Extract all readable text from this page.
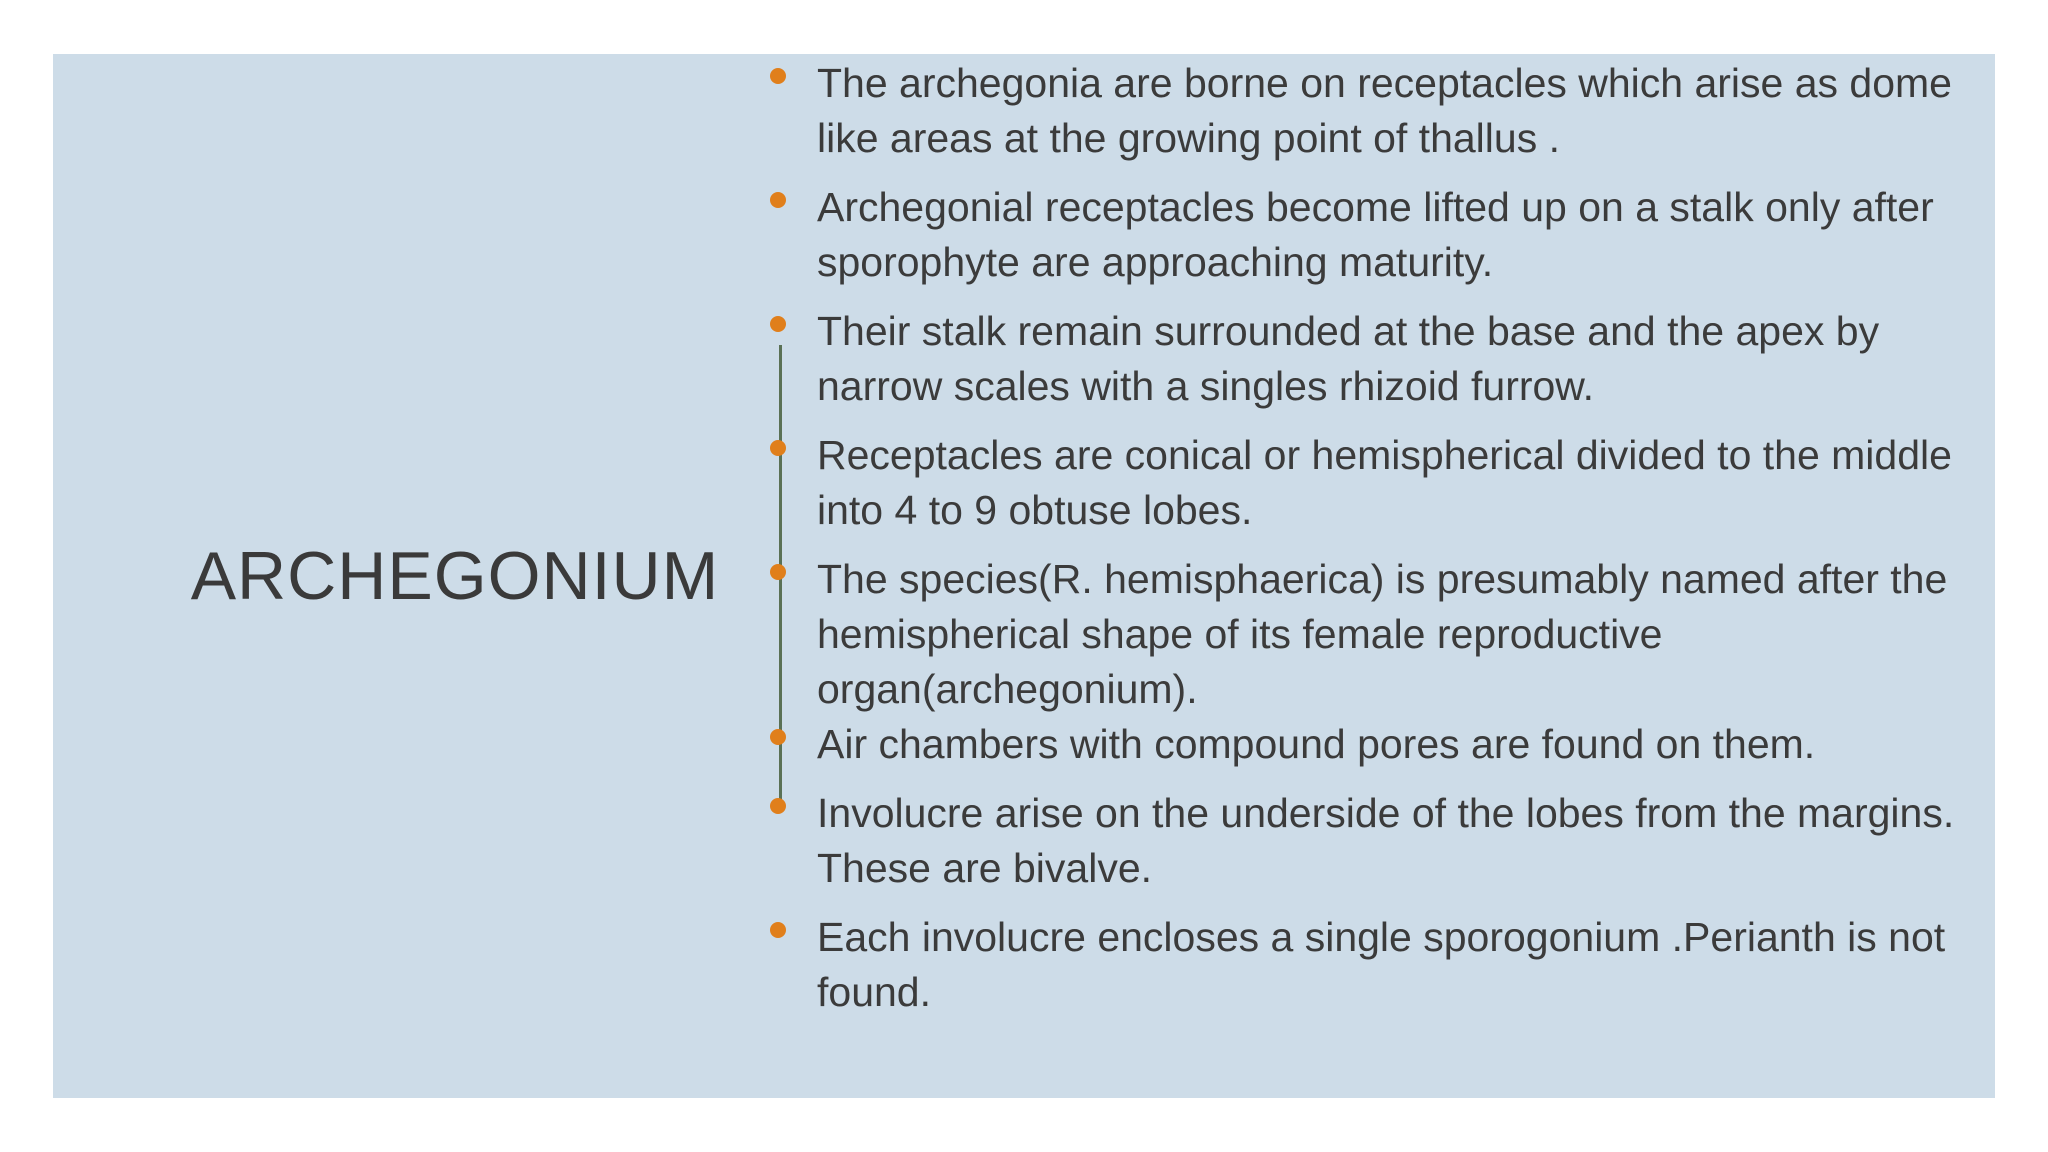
ARCHEGONIUM
The archegonia are borne on receptacles which arise as dome like areas at the growing point of thallus .
Archegonial receptacles become lifted up on a stalk only after sporophyte are approaching maturity.
Their stalk remain surrounded at the base and the apex by narrow scales with a singles rhizoid furrow.
Receptacles are conical or hemispherical divided to the middle into 4 to 9 obtuse lobes.
The species(R. hemisphaerica) is presumably named after the hemispherical shape of its female reproductive organ(archegonium).
Air chambers with compound pores are found on them.
Involucre arise on the underside of the lobes from the margins. These are bivalve.
Each involucre encloses a single sporogonium .Perianth is not found.
